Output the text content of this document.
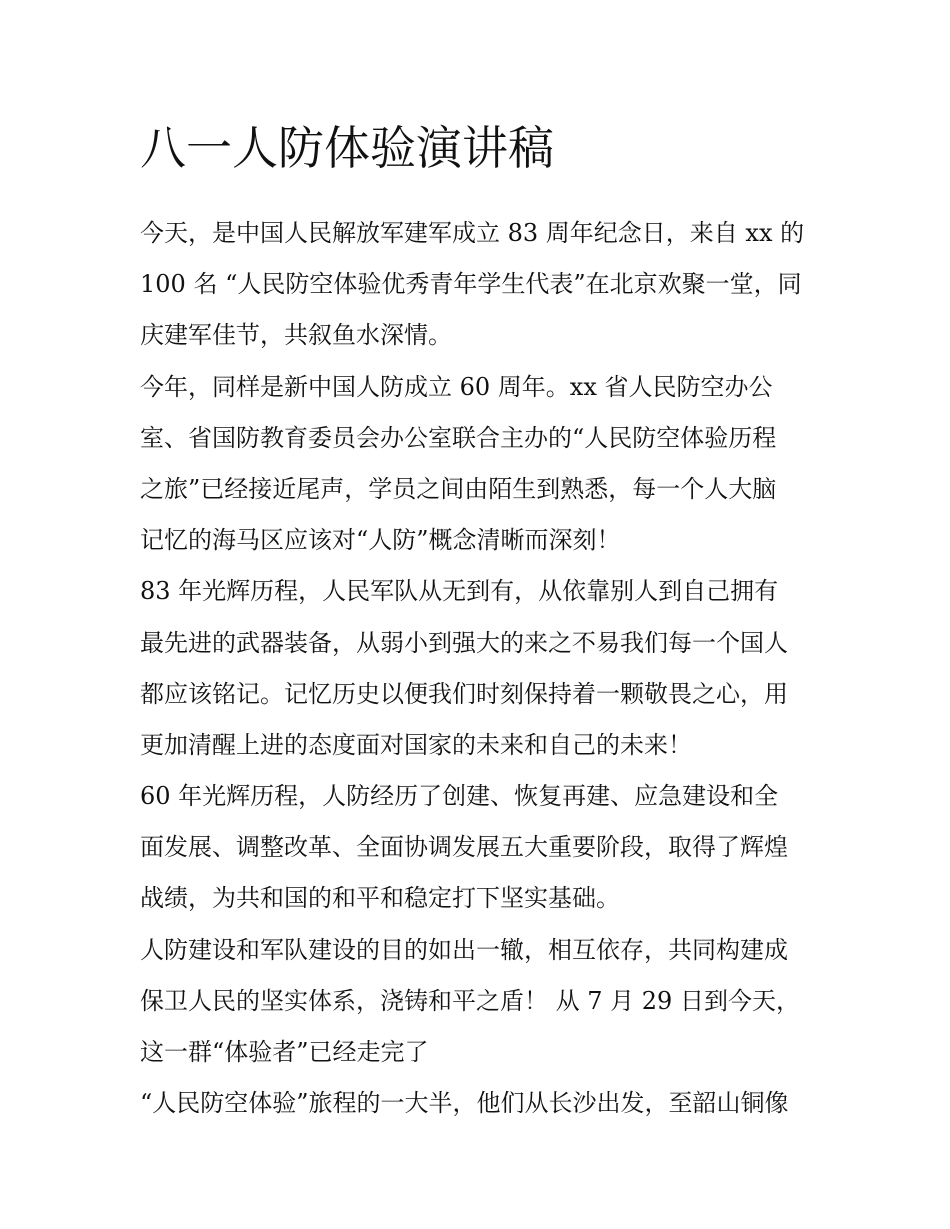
八一人防体验演讲稿

今天，是中国人民解放军建军成立 83 周年纪念日，来自 xx 的
100 名 “人民防空体验优秀青年学生代表”在北京欢聚一堂，同
庆建军佳节，共叙鱼水深情。

今年，同样是新中国人防成立 60 周年。xx 省人民防空办公
室、省国防教育委员会办公室联合主办的“人民防空体验历程
之旅”已经接近尾声，学员之间由陌生到熟悉，每一个人大脑
记忆的海马区应该对“人防”概念清晰而深刻！

83 年光辉历程，人民军队从无到有，从依靠别人到自己拥有
最先进的武器装备，从弱小到强大的来之不易我们每一个国人
都应该铭记。记忆历史以便我们时刻保持着一颗敬畏之心，用
更加清醒上进的态度面对国家的未来和自己的未来！

60 年光辉历程，人防经历了创建、恢复再建、应急建设和全
面发展、调整改革、全面协调发展五大重要阶段，取得了辉煌
战绩，为共和国的和平和稳定打下坚实基础。

人防建设和军队建设的目的如出一辙，相互依存，共同构建成
保卫人民的坚实体系，浇铸和平之盾！ 从 7 月 29 日到今天，
这一群“体验者”已经走完了

“人民防空体验”旅程的一大半，他们从长沙出发，至韶山铜像
